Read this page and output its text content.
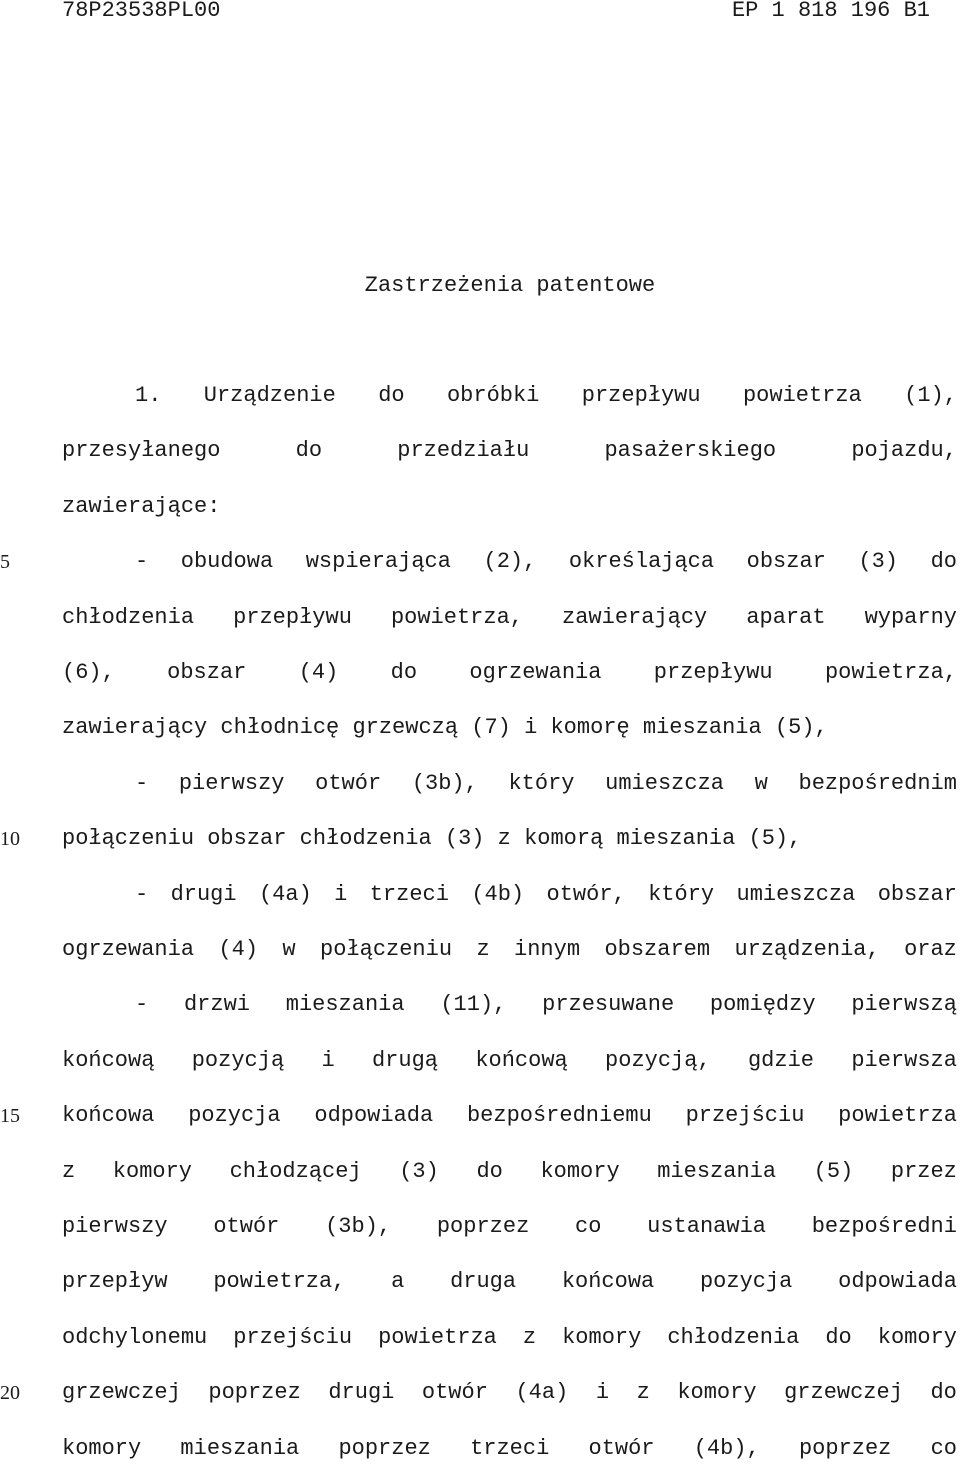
78P23538PL00	EP 1 818 196 B1
Zastrzeżenia patentowe
5
10
15
20
1. Urządzenie do obróbki przepływu powietrza (1),
przesyłanego	do	przedziału	pasażerskiego	pojazdu,
zawierające:
- obudowa wspierająca (2), określająca obszar (3) do
chłodzenia przepływu powietrza, zawierający aparat wyparny
(6), obszar (4) do ogrzewania przepływu powietrza,
zawierający chłodnicę grzewczą (7) i komorę mieszania (5),
- pierwszy otwór (3b), który umieszcza w bezpośrednim
połączeniu obszar chłodzenia (3) z komorą mieszania (5),
- drugi (4a) i trzeci (4b) otwór, który umieszcza obszar
ogrzewania (4) w połączeniu z innym obszarem urządzenia, oraz
- drzwi mieszania (11), przesuwane pomiędzy pierwszą
końcową pozycją i drugą końcową pozycją, gdzie pierwsza
końcowa pozycja odpowiada bezpośredniemu przejściu powietrza
z komory chłodzącej (3) do komory mieszania (5) przez
pierwszy otwór (3b), poprzez co ustanawia bezpośredni
przepływ powietrza, a druga końcowa pozycja odpowiada
odchylonemu przejściu powietrza z komory chłodzenia do komory
grzewczej poprzez drugi otwór (4a) i z komory grzewczej do
komory mieszania poprzez trzeci otwór (4b), poprzez co
